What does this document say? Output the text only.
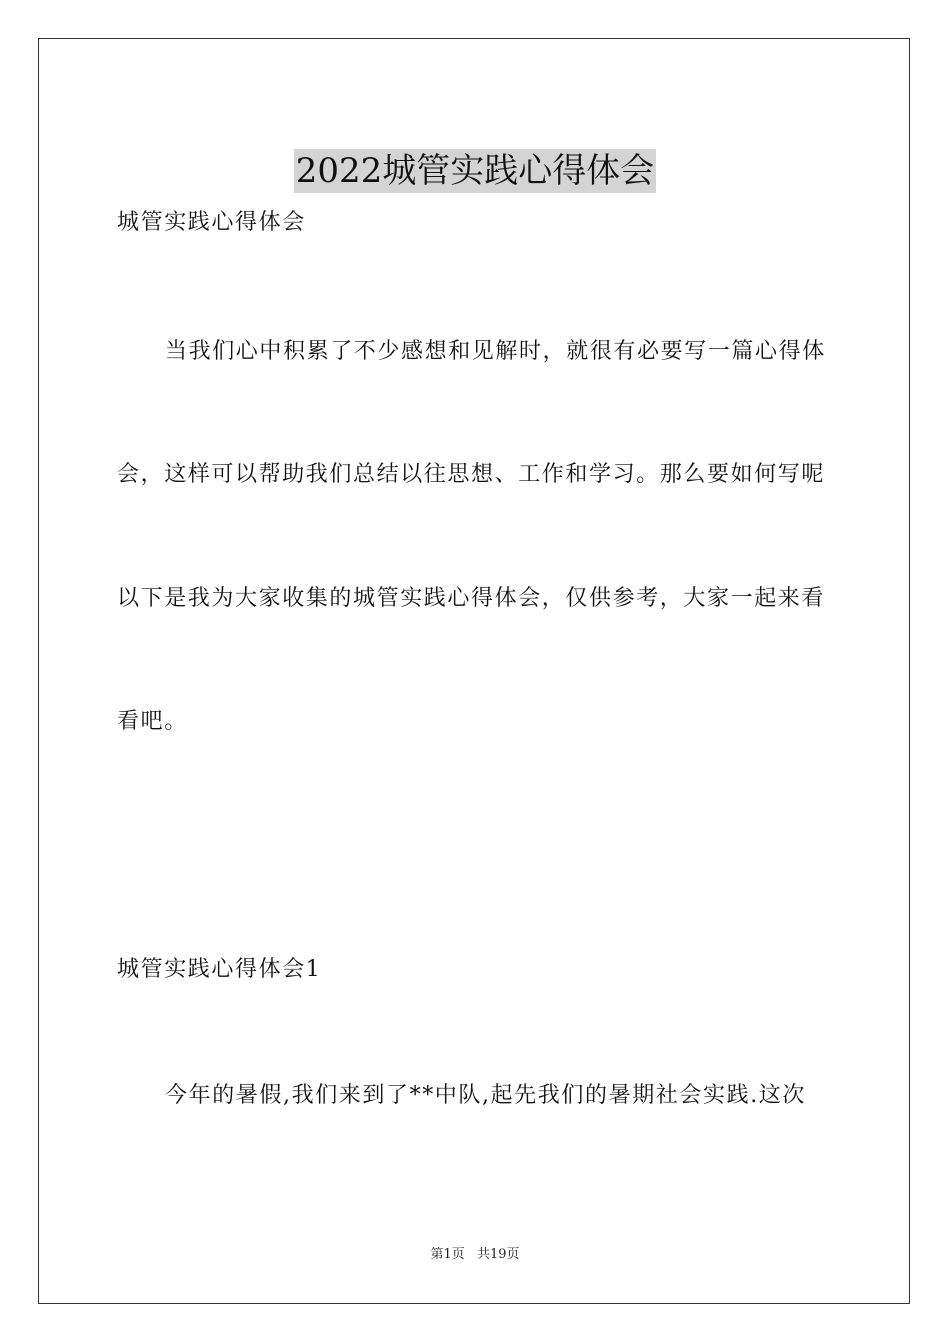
2022城管实践心得体会
城管实践心得体会
当我们心中积累了不少感想和见解时，就很有必要写一篇心得体
会，这样可以帮助我们总结以往思想、工作和学习。那么要如何写呢
以下是我为大家收集的城管实践心得体会，仅供参考，大家一起来看
看吧。
城管实践心得体会1
今年的暑假,我们来到了**中队,起先我们的暑期社会实践.这次
第1页 共19页
